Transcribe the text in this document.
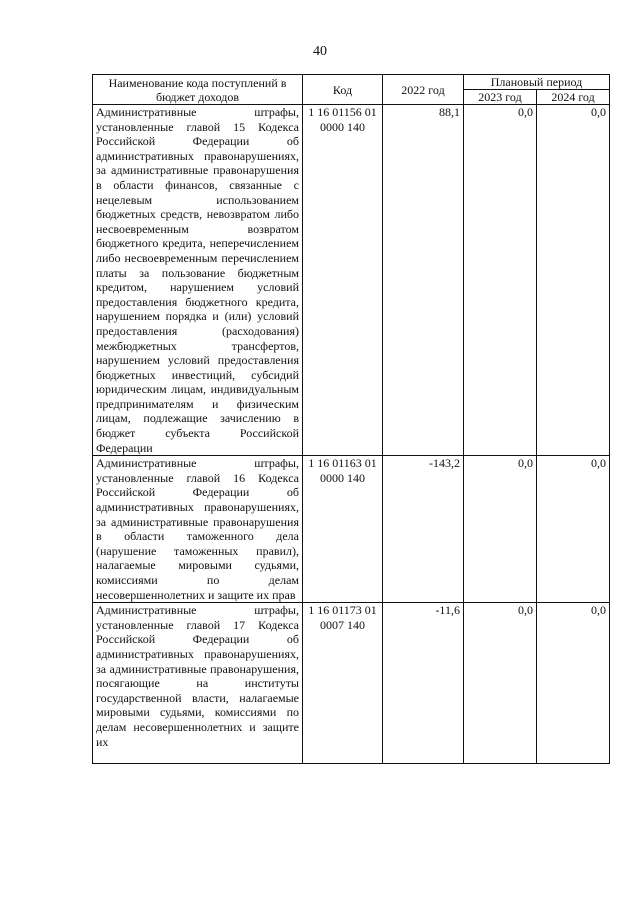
40
Наименование кода поступлений в бюджет доходов	Код	2022 год	Плановый период	
			2023 год	2024 год
Административные штрафы, установленные главой 15 Кодекса Российской Федерации об административных правонарушениях, за административные правонарушения в области финансов, связанные с нецелевым использованием бюджетных средств, невозвратом либо несвоевременным возвратом бюджетного кредита, неперечислением либо несвоевременным перечислением платы за пользование бюджетным кредитом, нарушением условий предоставления бюджетного кредита, нарушением порядка и (или) условий предоставления (расходования) межбюджетных трансфертов, нарушением условий предоставления бюджетных инвестиций, субсидий юридическим лицам, индивидуальным предпринимателям и физическим лицам, подлежащие зачислению в бюджет субъекта Российской Федерации	1 16 01156 01 0000 140	88,1	0,0	0,0
Административные штрафы, установленные главой 16 Кодекса Российской Федерации об административных правонарушениях, за административные правонарушения в области таможенного дела (нарушение таможенных правил), налагаемые мировыми судьями, комиссиями по делам несовершеннолетних и защите их прав	1 16 01163 01 0000 140	-143,2	0,0	0,0
Административные штрафы, установленные главой 17 Кодекса Российской Федерации об административных правонарушениях, за административные правонарушения, посягающие на институты государственной власти, налагаемые мировыми судьями, комиссиями по делам несовершеннолетних и защите их	1 16 01173 01 0007 140	-11,6	0,0	0,0
